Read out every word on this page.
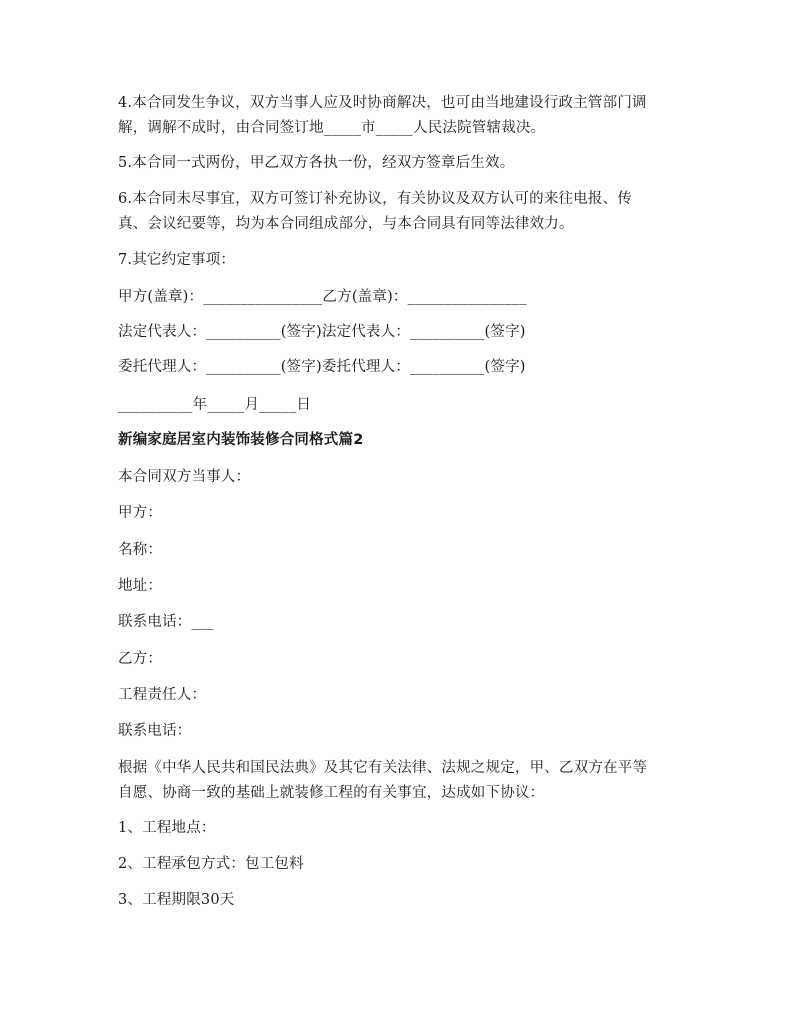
4.本合同发生争议，双方当事人应及时协商解决，也可由当地建设行政主管部门调
解，调解不成时，由合同签订地_____市_____人民法院管辖裁决。
5.本合同一式两份，甲乙双方各执一份，经双方签章后生效。
6.本合同未尽事宜，双方可签订补充协议，有关协议及双方认可的来往电报、传
真、会议纪要等，均为本合同组成部分，与本合同具有同等法律效力。
7.其它约定事项：
甲方(盖章)：________________乙方(盖章)：________________
法定代表人：__________(签字)法定代表人：__________(签字)
委托代理人：__________(签字)委托代理人：__________(签字)
__________年_____月_____日
新编家庭居室内装饰装修合同格式篇2
本合同双方当事人：
甲方：
名称：
地址：
联系电话：___
乙方：
工程责任人：
联系电话：
根据《中华人民共和国民法典》及其它有关法律、法规之规定，甲、乙双方在平等
自愿、协商一致的基础上就装修工程的有关事宜，达成如下协议：
1、工程地点：
2、工程承包方式：包工包料
3、工程期限30天
